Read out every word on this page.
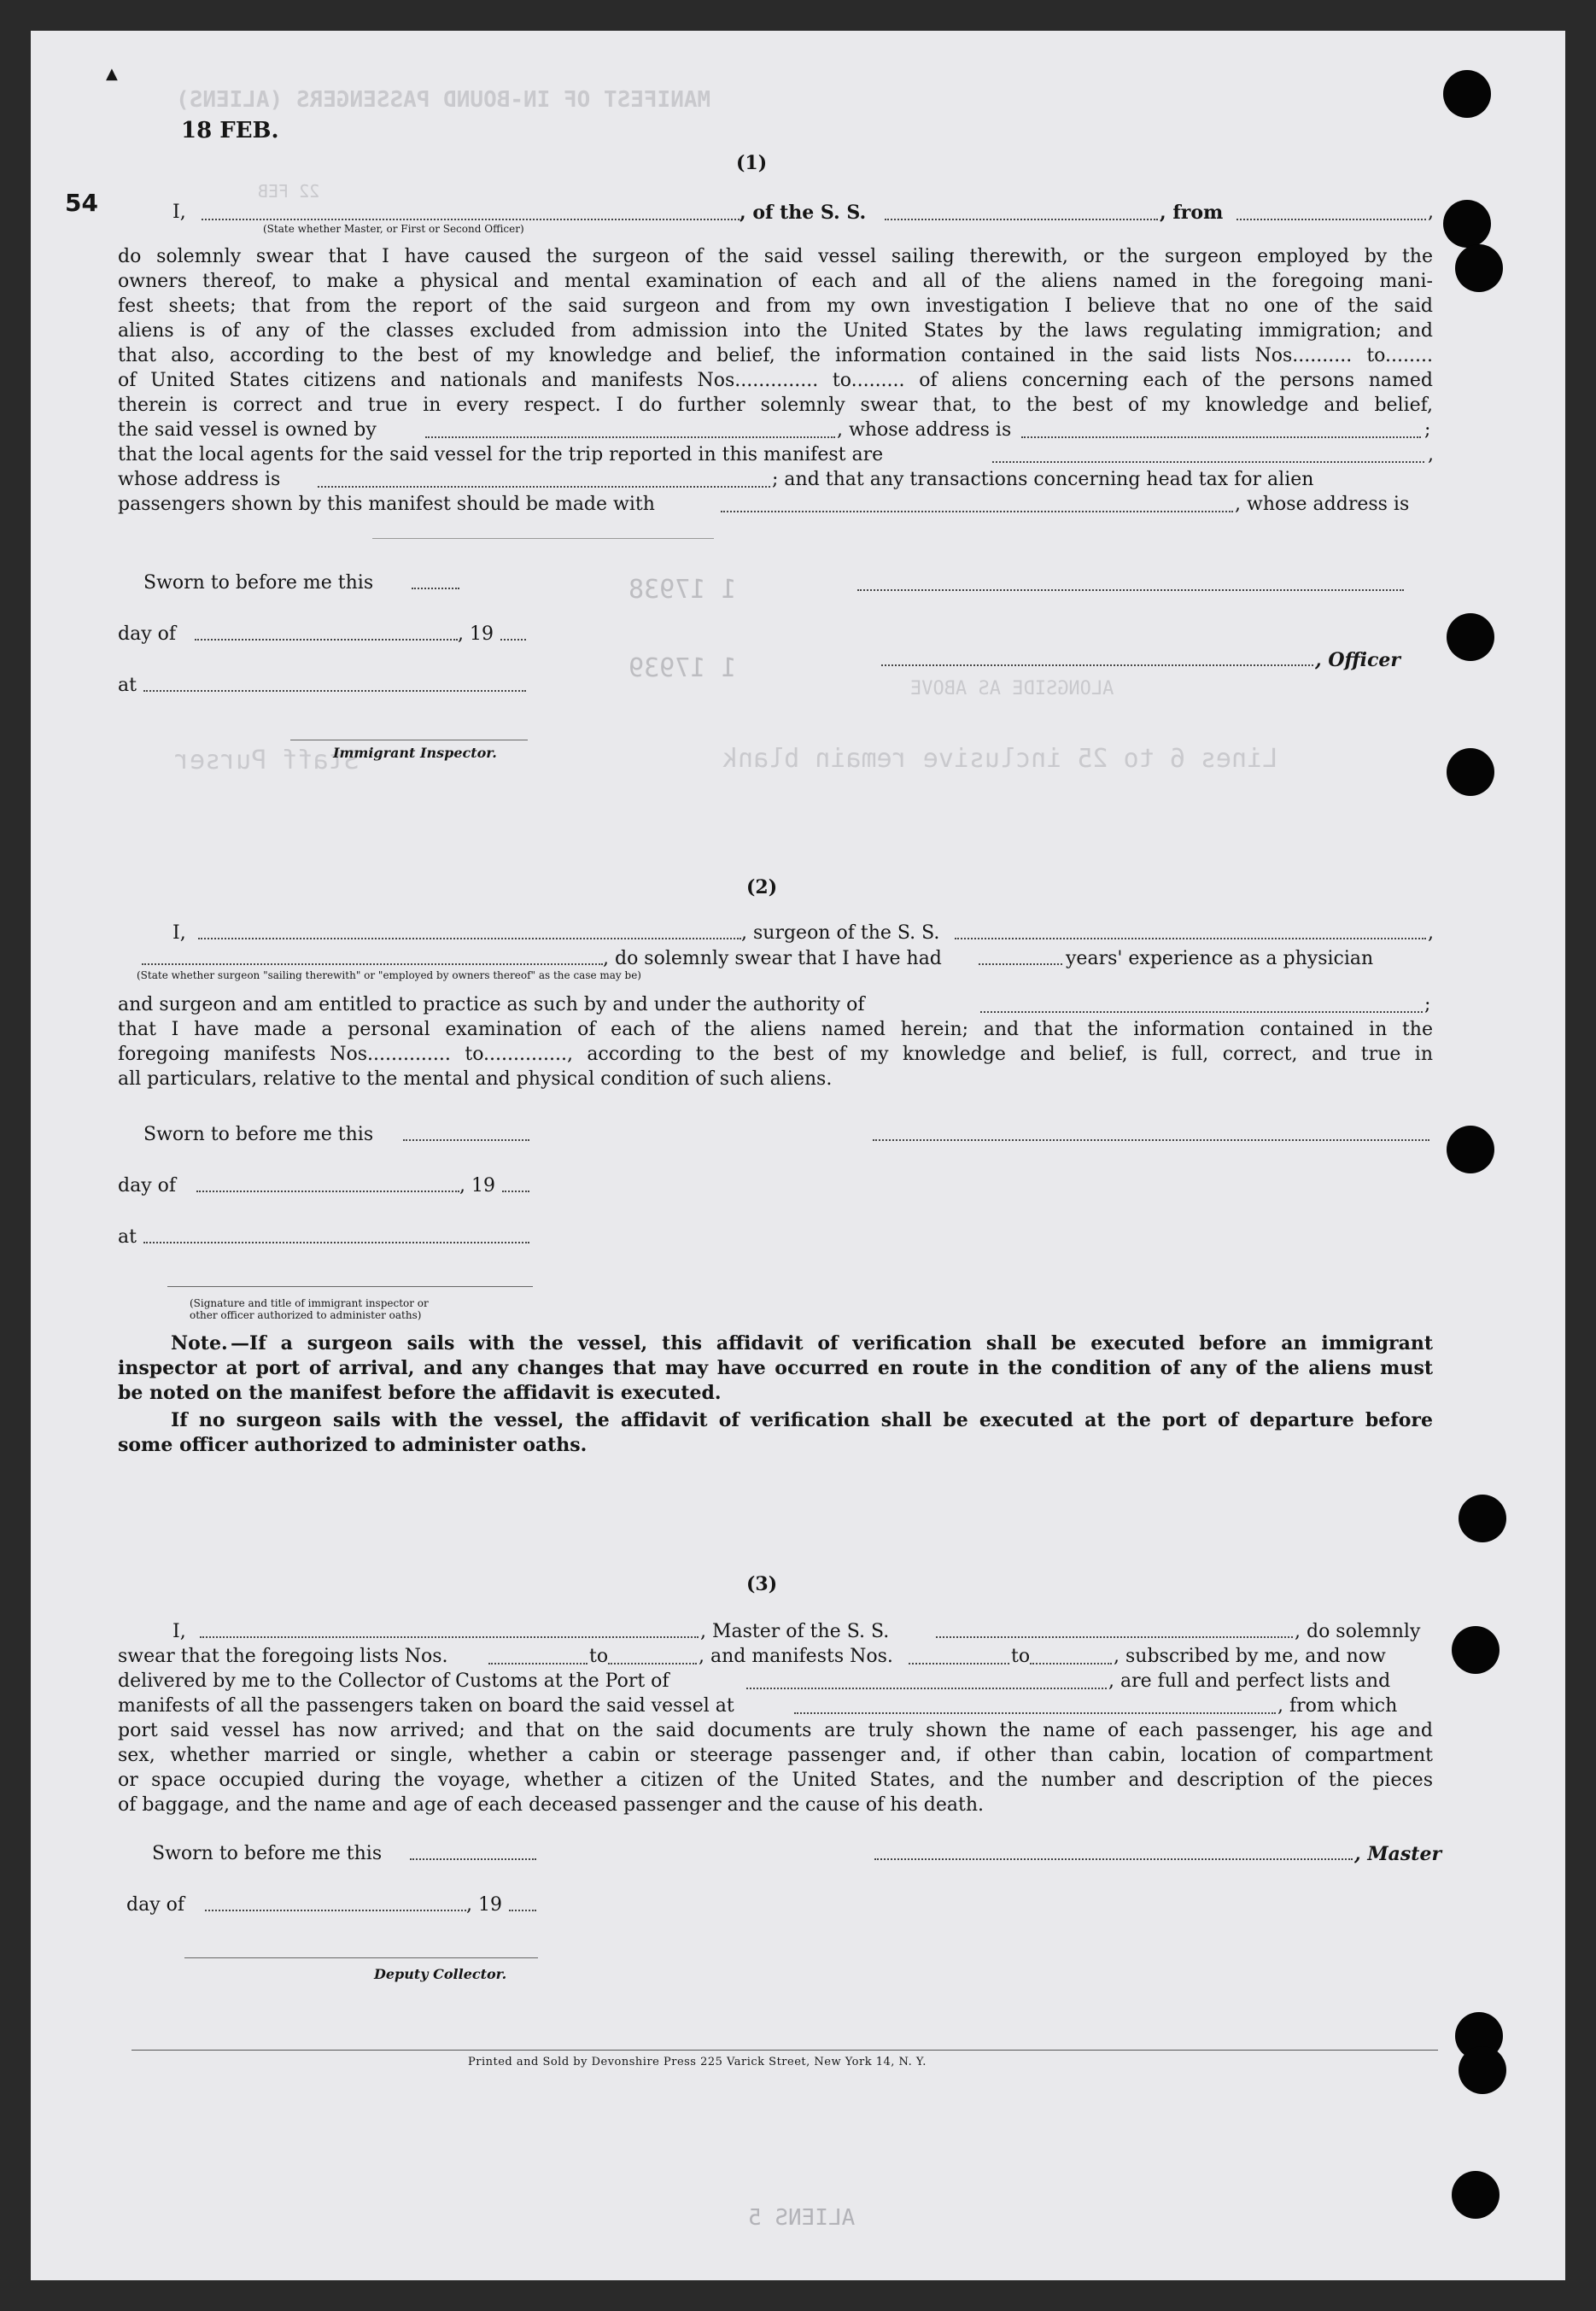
MANIFEST OF IN-BOUND PASSENGERS (ALIENS)
Lines 6 to 25 inclusive remain blank
Staff Purser
1 17938
1 17939
ALONGSIDE AS ABOVE
22 FEB
ALIENS 5
18 FEB.
54
▲
(1)
I,	, of the S. S.	, from	,
(State whether Master, or First or Second Officer)
do solemnly swear that I have caused the surgeon of the said vessel sailing therewith, or the surgeon employed by the
owners thereof, to make a physical and mental examination of each and all of the aliens named in the foregoing mani-
fest sheets; that from the report of the said surgeon and from my own investigation I believe that no one of the said
aliens is of any of the classes excluded from admission into the United States by the laws regulating immigration; and
that also, according to the best of my knowledge and belief, the information contained in the said lists Nos.......... to........
of United States citizens and nationals and manifests Nos.............. to......... of aliens concerning each of the persons named
therein is correct and true in every respect. I do further solemnly swear that, to the best of my knowledge and belief,
the said vessel is owned by	, whose address is	;
that the local agents for the said vessel for the trip reported in this manifest are	,
whose address is	; and that any transactions concerning head tax for alien
passengers shown by this manifest should be made with	, whose address is
Sworn to before me this
day of	, 19
, Officer
at
Immigrant Inspector.
(2)
I,	, surgeon of the S. S.	,
, do solemnly swear that I have had	years' experience as a physician
(State whether surgeon "sailing therewith" or "employed by owners thereof" as the case may be)
and surgeon and am entitled to practice as such by and under the authority of	;
that I have made a personal examination of each of the aliens named herein; and that the information contained in the
foregoing manifests Nos.............. to.............., according to the best of my knowledge and belief, is full, correct, and true in
all particulars, relative to the mental and physical condition of such aliens.
Sworn to before me this
day of	, 19
at
(Signature and title of immigrant inspector or
other officer authorized to administer oaths)
Note. —If a surgeon sails with the vessel, this affidavit of verification shall be executed before an immigrant
inspector at port of arrival, and any changes that may have occurred en route in the condition of any of the aliens must
be noted on the manifest before the affidavit is executed.
If no surgeon sails with the vessel, the affidavit of verification shall be executed at the port of departure before
some officer authorized to administer oaths.
(3)
I,	, Master of the S. S.	, do solemnly
swear that the foregoing lists Nos.	to	, and manifests Nos.	to	, subscribed by me, and now
delivered by me to the Collector of Customs at the Port of	, are full and perfect lists and
manifests of all the passengers taken on board the said vessel at	, from which
port said vessel has now arrived; and that on the said documents are truly shown the name of each passenger, his age and
sex, whether married or single, whether a cabin or steerage passenger and, if other than cabin, location of compartment
or space occupied during the voyage, whether a citizen of the United States, and the number and description of the pieces
of baggage, and the name and age of each deceased passenger and the cause of his death.
Sworn to before me this	, Master
day of	, 19
Deputy Collector.
Printed and Sold by Devonshire Press 225 Varick Street, New York 14, N. Y.
